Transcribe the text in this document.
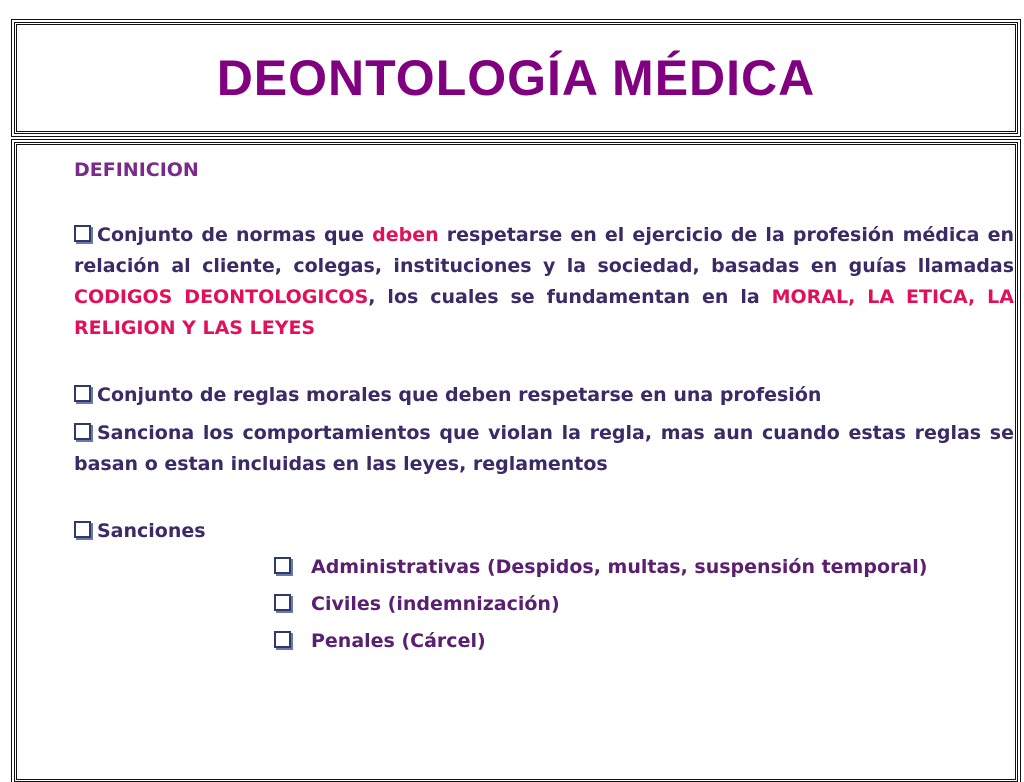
DEONTOLOGÍA MÉDICA

DEFINICION

Conjunto de normas que deben respetarse en el ejercicio de la profesión médica en relación al cliente, colegas, instituciones y la sociedad, basadas en guías llamadas CODIGOS DEONTOLOGICOS, los cuales se fundamentan en la MORAL, LA ETICA, LA RELIGION Y LAS LEYES

Conjunto de reglas morales que deben respetarse en una profesión

Sanciona los comportamientos que violan la regla, mas aun cuando estas reglas se basan o estan incluidas en las leyes, reglamentos

Sanciones

Administrativas (Despidos, multas, suspensión temporal)
Civiles (indemnización)
Penales (Cárcel)
